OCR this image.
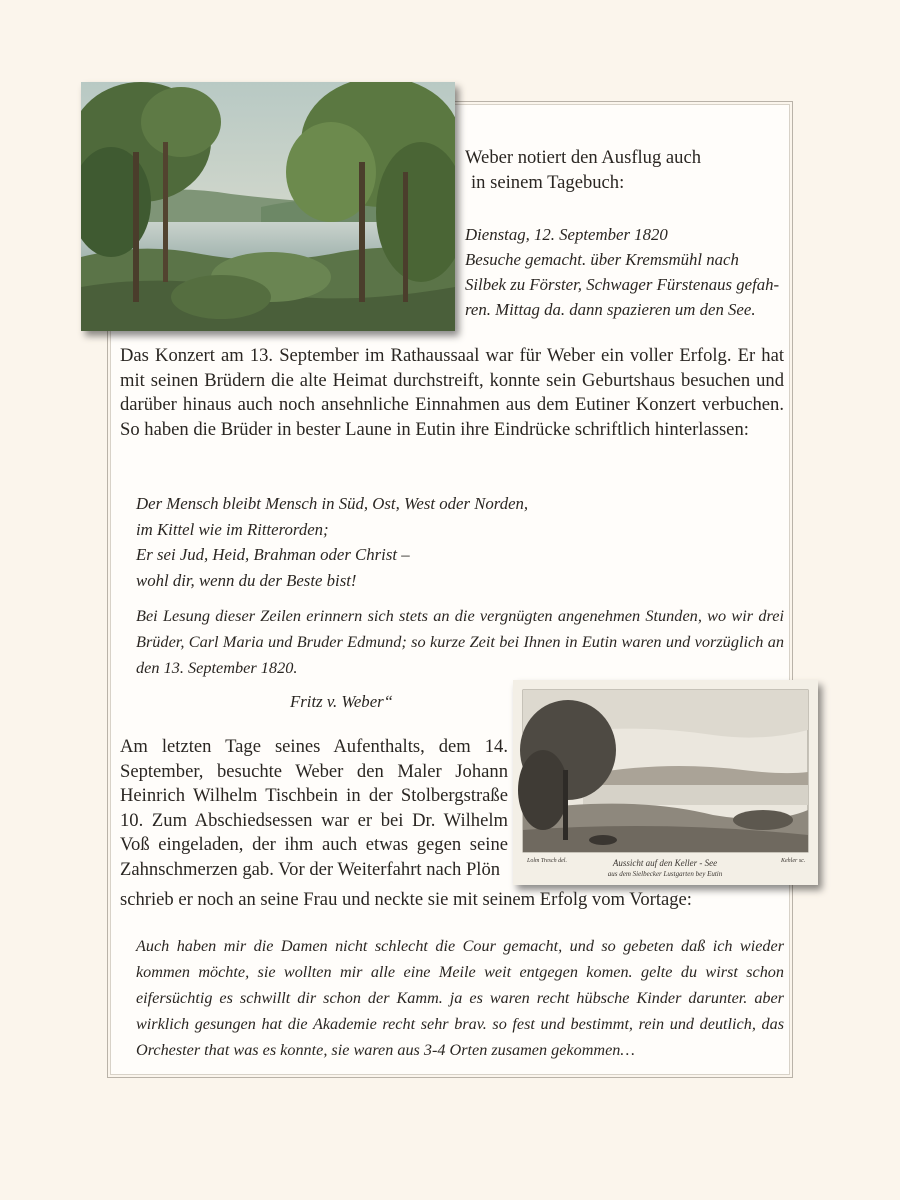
Lolm Tresch del.	Kehler sc.
Aussicht auf den Keller - See
aus dem Sielbecker Lustgarten bey Eutin

Weber notiert den Ausflug auch

in seinem Tagebuch:

Dienstag, 12. September 1820

Besuche gemacht. über Kremsmühl nach

Silbek zu Förster, Schwager Fürstenaus gefah-

ren. Mittag da. dann spazieren um den See.

Das Konzert am 13. September im Rathaussaal war für Weber ein voller Erfolg. Er hat mit seinen Brüdern die alte Heimat durchstreift, konnte sein Geburtshaus besuchen und darüber hinaus auch noch ansehnliche Einnahmen aus dem Eutiner Konzert verbuchen. So haben die Brüder in bester Laune in Eutin ihre Eindrücke schriftlich hinterlassen:

Der Mensch bleibt Mensch in Süd, Ost, West oder Norden,

im Kittel wie im Ritterorden;

Er sei Jud, Heid, Brahman oder Christ –

wohl dir, wenn du der Beste bist!

Bei Lesung dieser Zeilen erinnern sich stets an die vergnügten angenehmen Stunden, wo wir drei Brüder, Carl Maria und Bruder Edmund; so kurze Zeit bei Ihnen in Eutin waren und vorzüglich an den 13. September 1820.

Fritz v. Weber“

Am letzten Tage seines Aufenthalts, dem 14. September, besuchte Weber den Maler Johann Heinrich Wilhelm Tischbein in der Stolbergstraße 10. Zum Abschiedsessen war er bei Dr. Wilhelm Voß eingeladen, der ihm auch etwas gegen seine Zahnschmerzen gab. Vor der Weiterfahrt nach Plön

schrieb er noch an seine Frau und neckte sie mit seinem Erfolg vom Vortage:

Auch haben mir die Damen nicht schlecht die Cour gemacht, und so gebeten daß ich wieder kommen möchte, sie wollten mir alle eine Meile weit entgegen komen. gelte du wirst schon eifersüchtig es schwillt dir schon der Kamm. ja es waren recht hübsche Kinder darunter. aber wirklich gesungen hat die Akademie recht sehr brav. so fest und bestimmt, rein und deutlich, das Orchester that was es konnte, sie waren aus 3-4 Orten zusamen gekommen…
